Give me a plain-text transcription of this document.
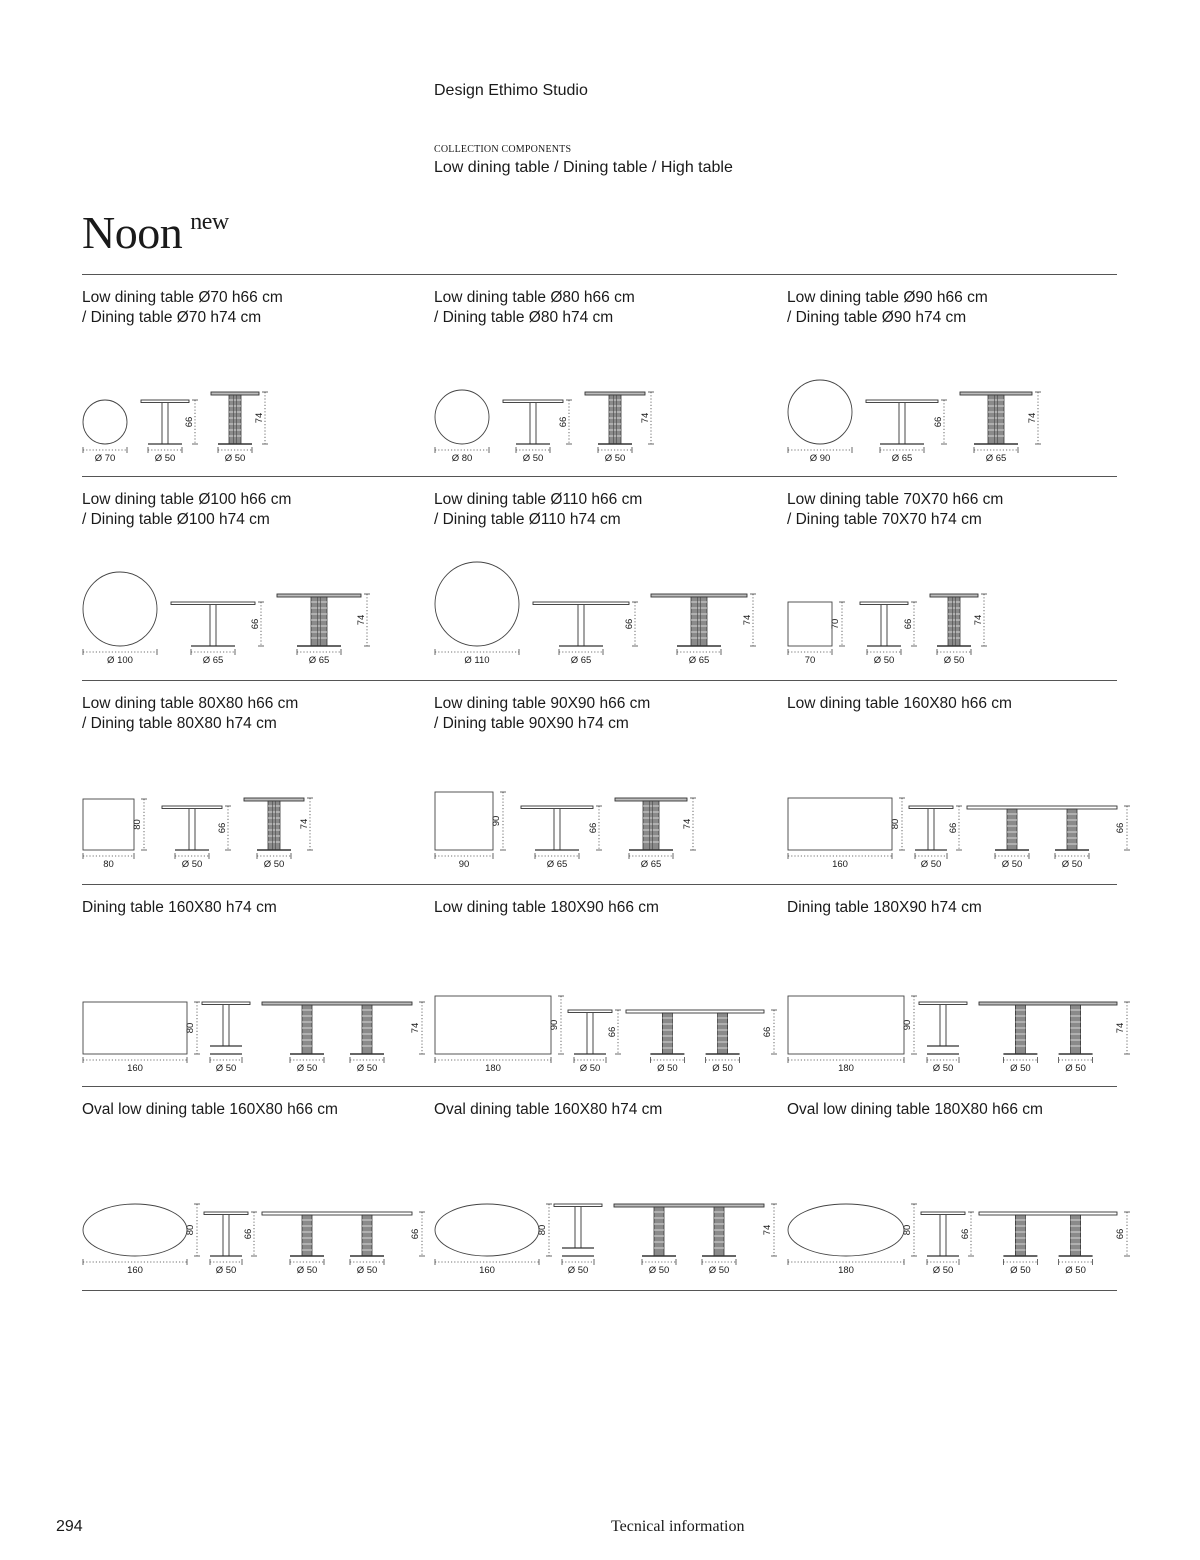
Design Ethimo Studio
COLLECTION COMPONENTS
Low dining table / Dining table / High table
Noon $^{new}$
Low dining table Ø70 h66 cm
/ Dining table Ø70 h74 cm
Ø 70	Ø 50
66
Ø 50
74
Low dining table Ø80 h66 cm
/ Dining table Ø80 h74 cm
Ø 80	Ø 50
66
Ø 50
74
Low dining table Ø90 h66 cm
/ Dining table Ø90 h74 cm
Ø 90	Ø 65
66
Ø 65
74
Low dining table Ø100 h66 cm
/ Dining table Ø100 h74 cm
Ø 100	Ø 65
66
Ø 65
74
Low dining table Ø110 h66 cm
/ Dining table Ø110 h74 cm
Ø 110	Ø 65
66
Ø 65
74
Low dining table 70X70 h66 cm
/ Dining table 70X70 h74 cm
70
70
Ø 50
66
Ø 50
74
Low dining table 80X80 h66 cm
/ Dining table 80X80 h74 cm
80
80
Ø 50
66
Ø 50
74
Low dining table 90X90 h66 cm
/ Dining table 90X90 h74 cm
90
90
Ø 65
66
Ø 65
74
Low dining table 160X80 h66 cm
160
80
Ø 50
66
Ø 50	Ø 50
66
Dining table 160X80 h74 cm
160
80
Ø 50	Ø 50	Ø 50
74
Low dining table 180X90 h66 cm
180
90
Ø 50
66
Ø 50	Ø 50
66
Dining table 180X90 h74 cm
180
90
Ø 50	Ø 50	Ø 50
74
Oval low dining table 160X80 h66 cm
160
80
Ø 50
66
Ø 50	Ø 50
66
Oval dining table 160X80 h74 cm
160
80
Ø 50	Ø 50	Ø 50
74
Oval low dining table 180X80 h66 cm
180
80
Ø 50
66
Ø 50	Ø 50
66
294	Tecnical information
